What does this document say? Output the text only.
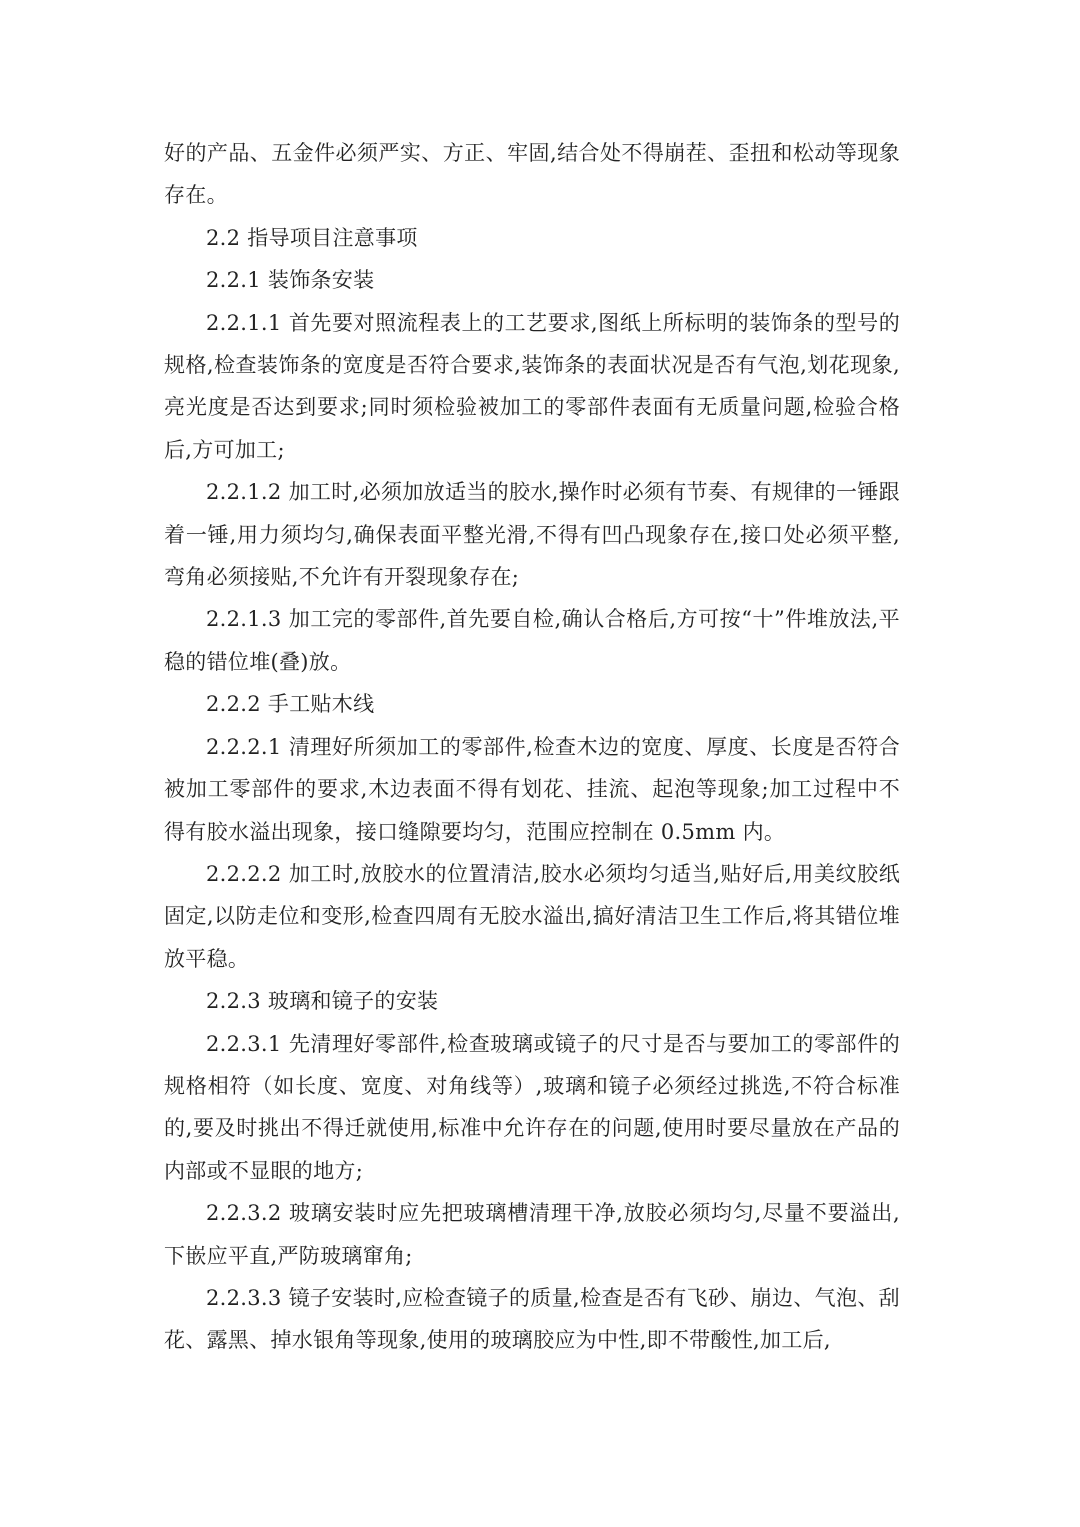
好的产品、五金件必须严实、方正、牢固,结合处不得崩茬、歪扭和松动等现象存在。

2.2 指导项目注意事项

2.2.1 装饰条安装

2.2.1.1 首先要对照流程表上的工艺要求,图纸上所标明的装饰条的型号的规格,检查装饰条的宽度是否符合要求,装饰条的表面状况是否有气泡,划花现象,亮光度是否达到要求;同时须检验被加工的零部件表面有无质量问题,检验合格后,方可加工;

2.2.1.2 加工时,必须加放适当的胶水,操作时必须有节奏、有规律的一锤跟着一锤,用力须均匀,确保表面平整光滑,不得有凹凸现象存在,接口处必须平整,弯角必须接贴,不允许有开裂现象存在;

2.2.1.3 加工完的零部件,首先要自检,确认合格后,方可按“十”件堆放法,平稳的错位堆(叠)放。

2.2.2 手工贴木线

2.2.2.1 清理好所须加工的零部件,检查木边的宽度、厚度、长度是否符合被加工零部件的要求,木边表面不得有划花、挂流、起泡等现象;加工过程中不得有胶水溢出现象，接口缝隙要均匀，范围应控制在 0.5mm 内。

2.2.2.2 加工时,放胶水的位置清洁,胶水必须均匀适当,贴好后,用美纹胶纸固定,以防走位和变形,检查四周有无胶水溢出,搞好清洁卫生工作后,将其错位堆放平稳。

2.2.3 玻璃和镜子的安装

2.2.3.1 先清理好零部件,检查玻璃或镜子的尺寸是否与要加工的零部件的规格相符（如长度、宽度、对角线等）,玻璃和镜子必须经过挑选,不符合标准的,要及时挑出不得迁就使用,标准中允许存在的问题,使用时要尽量放在产品的内部或不显眼的地方;

2.2.3.2 玻璃安装时应先把玻璃槽清理干净,放胶必须均匀,尽量不要溢出,下嵌应平直,严防玻璃窜角;

2.2.3.3 镜子安装时,应检查镜子的质量,检查是否有飞砂、崩边、气泡、刮花、露黑、掉水银角等现象,使用的玻璃胶应为中性,即不带酸性,加工后,
